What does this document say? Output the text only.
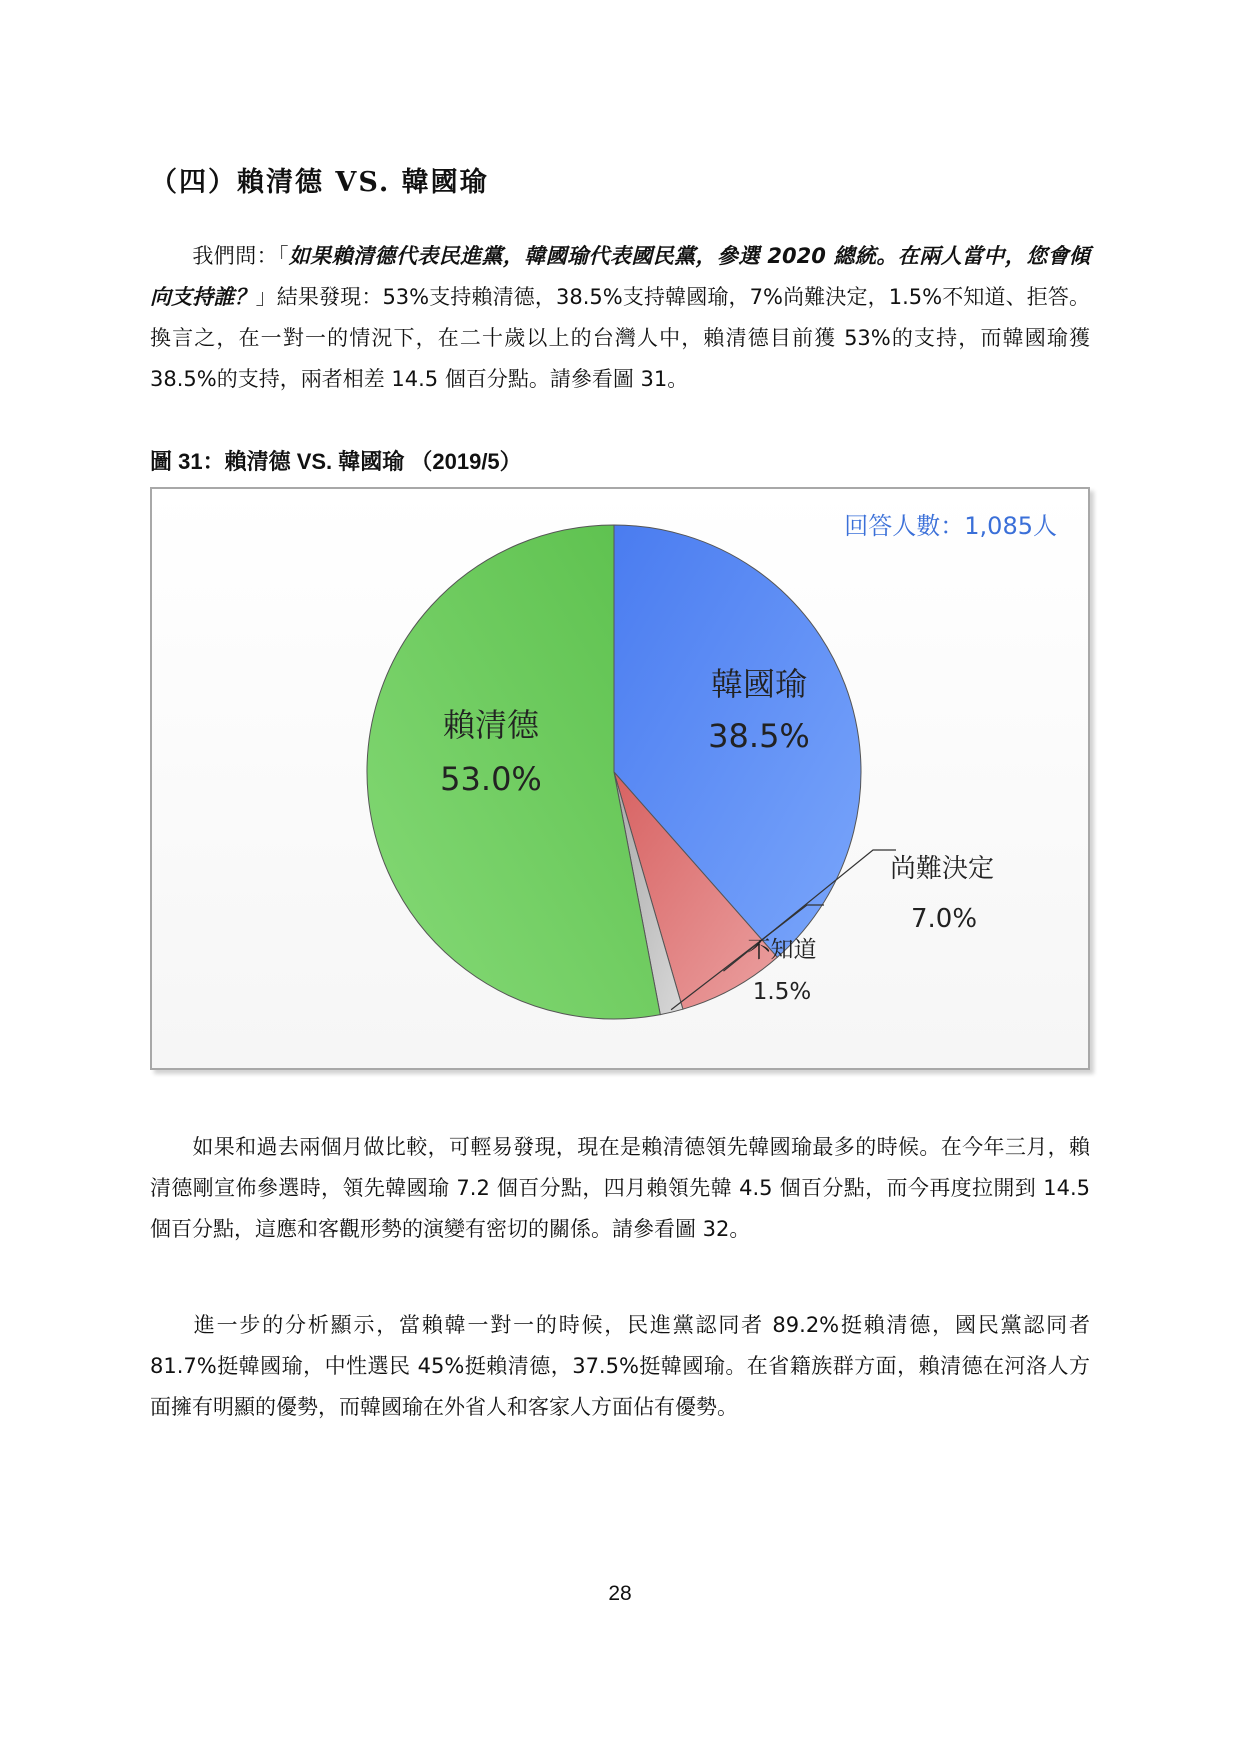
（四）賴清德 VS. 韓國瑜
我們問：「如果賴清德代表民進黨，韓國瑜代表國民黨，參選 2020 總統。在兩人當中，您會傾向支持誰？」結果發現：53%支持賴清德，38.5%支持韓國瑜，7%尚難決定，1.5%不知道、拒答。換言之，在一對一的情況下，在二十歲以上的台灣人中，賴清德目前獲 53%的支持，而韓國瑜獲 38.5%的支持，兩者相差 14.5 個百分點。請參看圖 31。
圖 31：賴清德 VS. 韓國瑜 （2019/5）
韓國瑜
38.5%
賴清德
53.0%
尚難決定
7.0%
不知道
1.5%
回答人數：1,085人
如果和過去兩個月做比較，可輕易發現，現在是賴清德領先韓國瑜最多的時候。在今年三月，賴清德剛宣佈參選時，領先韓國瑜 7.2 個百分點，四月賴領先韓 4.5 個百分點，而今再度拉開到 14.5 個百分點，這應和客觀形勢的演變有密切的關係。請參看圖 32。
進一步的分析顯示，當賴韓一對一的時候，民進黨認同者 89.2%挺賴清德，國民黨認同者 81.7%挺韓國瑜，中性選民 45%挺賴清德，37.5%挺韓國瑜。在省籍族群方面，賴清德在河洛人方面擁有明顯的優勢，而韓國瑜在外省人和客家人方面佔有優勢。
28
